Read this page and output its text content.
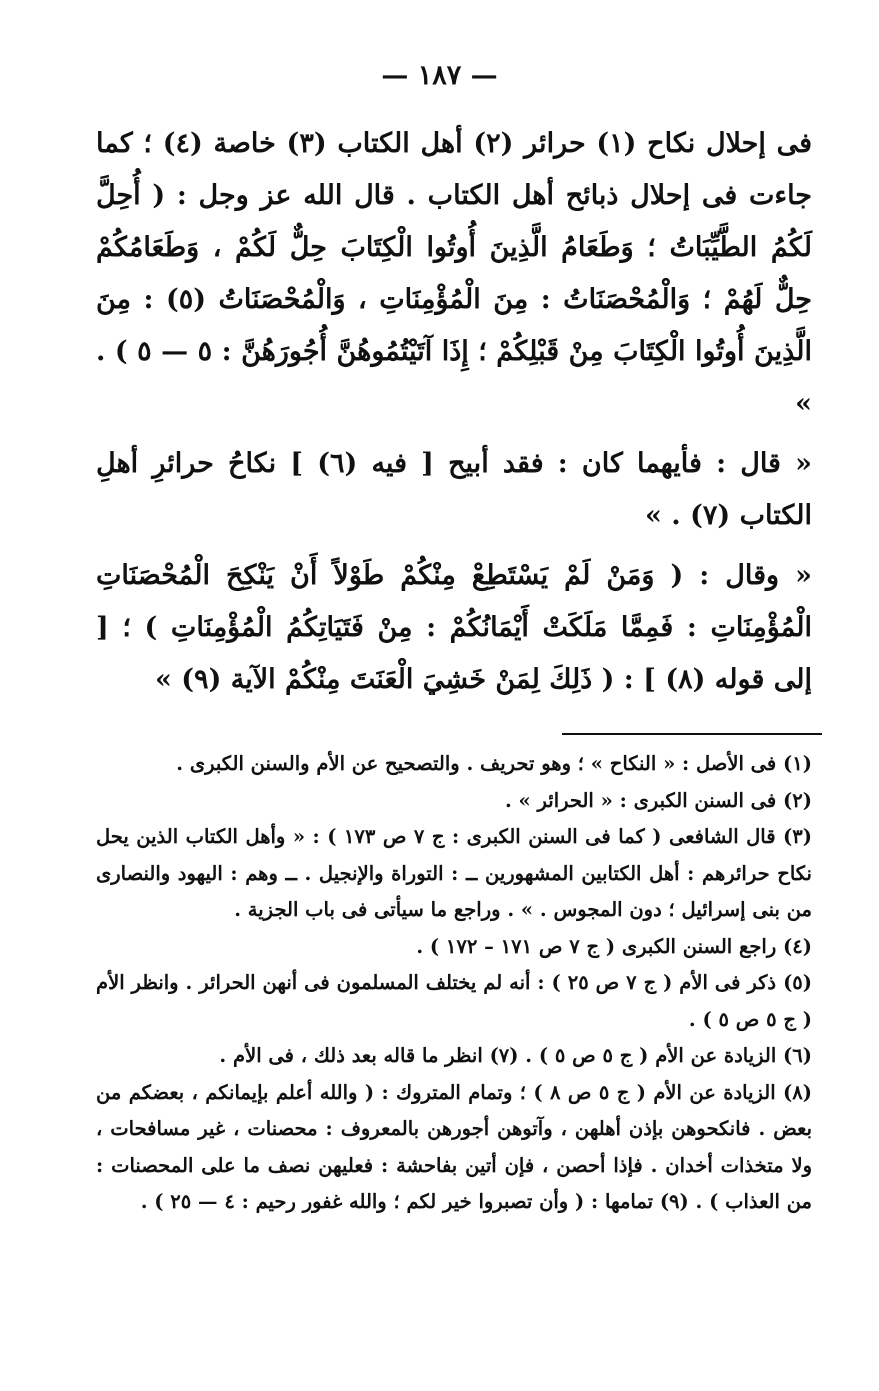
— ١٨٧ —

فى إحلال نكاح (١) حرائر (٢) أهل الكتاب (٣) خاصة (٤) ؛ كما جاءت فى إحلال ذبائح أهل الكتاب . قال الله عز وجل : ( أُحِلَّ لَكُمُ الطَّيِّبَاتُ ؛ وَطَعَامُ الَّذِينَ أُوتُوا الْكِتَابَ حِلٌّ لَكُمْ ، وَطَعَامُكُمْ حِلٌّ لَهُمْ ؛ وَالْمُحْصَنَاتُ : مِنَ الْمُؤْمِنَاتِ ، وَالْمُحْصَنَاتُ (٥) : مِنَ الَّذِينَ أُوتُوا الْكِتَابَ مِنْ قَبْلِكُمْ ؛ إِذَا آتَيْتُمُوهُنَّ أُجُورَهُنَّ : ٥ — ٥ ) . »

« قال : فأيهما كان : فقد أبيح [ فيه (٦) ] نكاحُ حرائرِ أهلِ الكتاب (٧) . »

« وقال : ( وَمَنْ لَمْ يَسْتَطِعْ مِنْكُمْ طَوْلاً أَنْ يَنْكِحَ الْمُحْصَنَاتِ الْمُؤْمِنَاتِ : فَمِمَّا مَلَكَتْ أَيْمَانُكُمْ : مِنْ فَتَيَاتِكُمُ الْمُؤْمِنَاتِ ) ؛ [ إلى قوله (٨) ] : ( ذَلِكَ لِمَنْ خَشِيَ الْعَنَتَ مِنْكُمْ الآية (٩) »

(١) فى الأصل : « النكاح » ؛ وهو تحريف . والتصحيح عن الأم والسنن الكبرى .

(٢) فى السنن الكبرى : « الحرائر » .

(٣) قال الشافعى ( كما فى السنن الكبرى : ج ٧ ص ١٧٣ ) : « وأهل الكتاب الذين يحل نكاح حرائرهم : أهل الكتابين المشهورين ــ : التوراة والإنجيل . ــ وهم : اليهود والنصارى من بنى إسرائيل ؛ دون المجوس . » . وراجع ما سيأتى فى باب الجزية .

(٤) راجع السنن الكبرى ( ج ٧ ص ١٧١ – ١٧٢ ) .

(٥) ذكر فى الأم ( ج ٧ ص ٢٥ ) : أنه لم يختلف المسلمون فى أنهن الحرائر . وانظر الأم ( ج ٥ ص ٥ ) .

(٦) الزيادة عن الأم ( ج ٥ ص ٥ ) . (٧) انظر ما قاله بعد ذلك ، فى الأم .

(٨) الزيادة عن الأم ( ج ٥ ص ٨ ) ؛ وتمام المتروك : ( والله أعلم بإيمانكم ، بعضكم من بعض . فانكحوهن بإذن أهلهن ، وآتوهن أجورهن بالمعروف : محصنات ، غير مسافحات ، ولا متخذات أخدان . فإذا أحصن ، فإن أتين بفاحشة : فعليهن نصف ما على المحصنات : من العذاب ) . (٩) تمامها : ( وأن تصبروا خير لكم ؛ والله غفور رحيم : ٤ — ٢٥ ) .
